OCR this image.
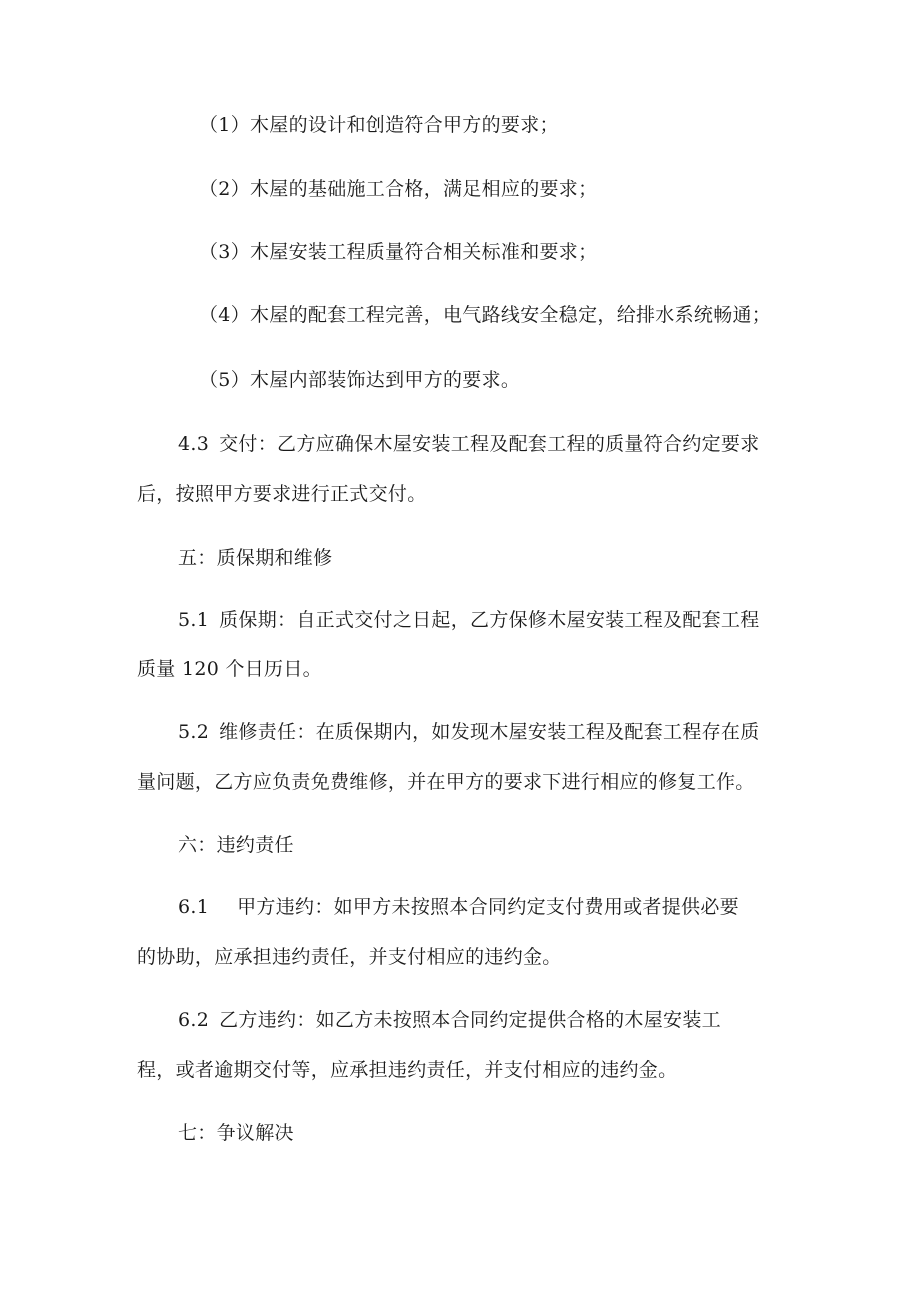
（1）木屋的设计和创造符合甲方的要求；
（2）木屋的基础施工合格，满足相应的要求；
（3）木屋安装工程质量符合相关标准和要求；
（4）木屋的配套工程完善，电气路线安全稳定，给排水系统畅通；
（5）木屋内部装饰达到甲方的要求。
4.3 交付：乙方应确保木屋安装工程及配套工程的质量符合约定要求
后，按照甲方要求进行正式交付。
五：质保期和维修
5.1 质保期：自正式交付之日起，乙方保修木屋安装工程及配套工程
质量 120 个日历日。
5.2 维修责任：在质保期内，如发现木屋安装工程及配套工程存在质
量问题，乙方应负责免费维修，并在甲方的要求下进行相应的修复工作。
六：违约责任
6.1 甲方违约：如甲方未按照本合同约定支付费用或者提供必要
的协助，应承担违约责任，并支付相应的违约金。
6.2 乙方违约：如乙方未按照本合同约定提供合格的木屋安装工
程，或者逾期交付等，应承担违约责任，并支付相应的违约金。
七：争议解决
